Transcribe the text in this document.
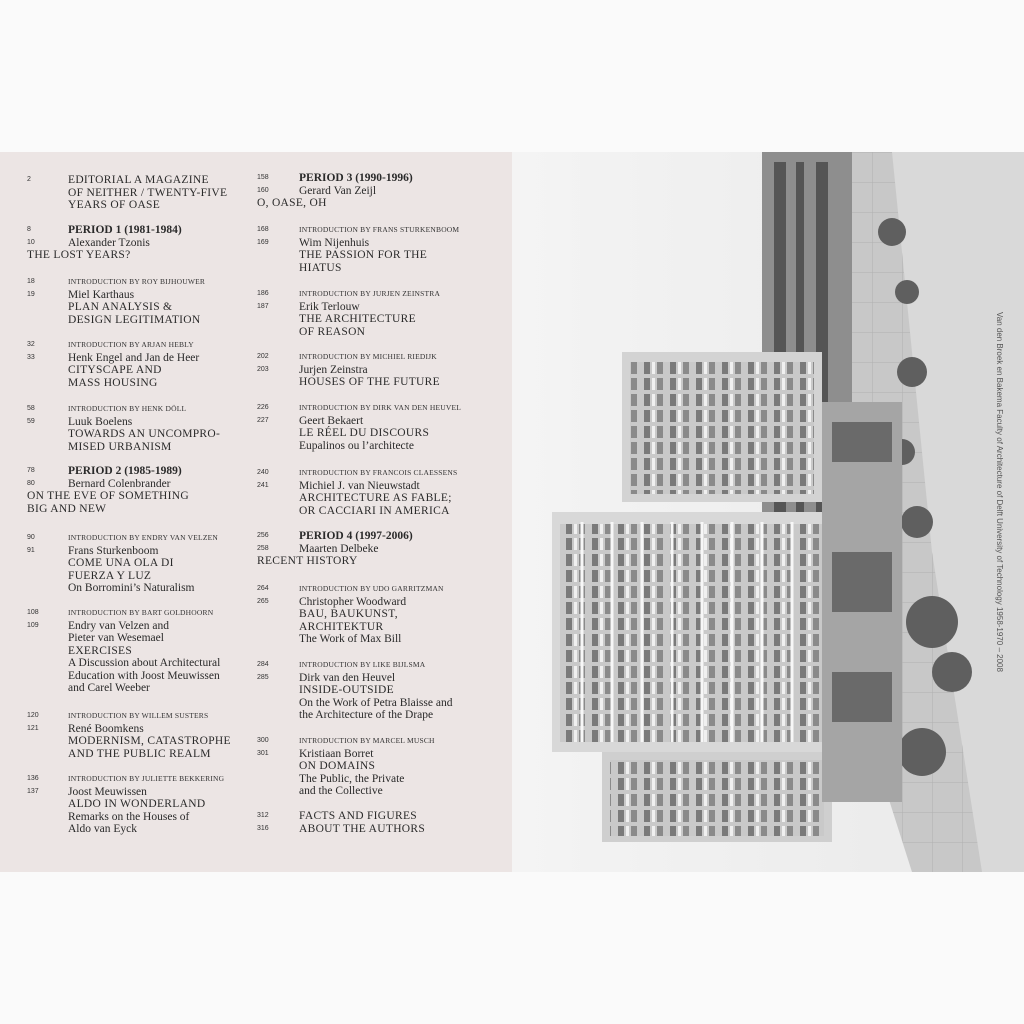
2	EDITORIAL A MAGAZINE
OF NEITHER / TWENTY-FIVE
YEARS OF OASE
8	PERIOD 1 (1981-1984)
10	Alexander Tzonis
THE LOST YEARS?
18	INTRODUCTION BY ROY BIJHOUWER
19	Miel Karthaus
PLAN ANALYSIS &
DESIGN LEGITIMATION
32	INTRODUCTION BY ARJAN HEBLY
33	Henk Engel and Jan de Heer
CITYSCAPE AND
MASS HOUSING
58	INTRODUCTION BY HENK DÖLL
59	Luuk Boelens
TOWARDS AN UNCOMPRO-
MISED URBANISM
78	PERIOD 2 (1985-1989)
80	Bernard Colenbrander
ON THE EVE OF SOMETHING
BIG AND NEW
90	INTRODUCTION BY ENDRY VAN VELZEN
91	Frans Sturkenboom
COME UNA OLA DI
FUERZA Y LUZ
On Borromini’s Naturalism
108	INTRODUCTION BY BART GOLDHOORN
109	Endry van Velzen and
Pieter van Wesemael
EXERCISES
A Discussion about Architectural
Education with Joost Meuwissen
and Carel Weeber
120	INTRODUCTION BY WILLEM SUSTERS
121	René Boomkens
MODERNISM, CATASTROPHE
AND THE PUBLIC REALM
136	INTRODUCTION BY JULIETTE BEKKERING
137	Joost Meuwissen
ALDO IN WONDERLAND
Remarks on the Houses of
Aldo van Eyck
158	PERIOD 3 (1990-1996)
160	Gerard Van Zeijl
O, OASE, OH
168	INTRODUCTION BY FRANS STURKENBOOM
169	Wim Nijenhuis
THE PASSION FOR THE
HIATUS
186	INTRODUCTION BY JURJEN ZEINSTRA
187	Erik Terlouw
THE ARCHITECTURE
OF REASON
202	INTRODUCTION BY MICHIEL RIEDIJK
203	Jurjen Zeinstra
HOUSES OF THE FUTURE
226	INTRODUCTION BY DIRK VAN DEN HEUVEL
227	Geert Bekaert
LE RÉEL DU DISCOURS
Eupalinos ou l’architecte
240	INTRODUCTION BY FRANCOIS CLAESSENS
241	Michiel J. van Nieuwstadt
ARCHITECTURE AS FABLE;
OR CACCIARI IN AMERICA
256	PERIOD 4 (1997-2006)
258	Maarten Delbeke
RECENT HISTORY
264	INTRODUCTION BY UDO GARRITZMAN
265	Christopher Woodward
BAU, BAUKUNST,
ARCHITEKTUR
The Work of Max Bill
284	INTRODUCTION BY LIKE BIJLSMA
285	Dirk van den Heuvel
INSIDE-OUTSIDE
On the Work of Petra Blaisse and
the Architecture of the Drape
300	INTRODUCTION BY MARCEL MUSCH
301	Kristiaan Borret
ON DOMAINS
The Public, the Private
and the Collective
312	FACTS AND FIGURES
316	ABOUT THE AUTHORS
Van den Broek en Bakema Faculty of Architecture of Delft University of Technology 1958-1970 – 2008
